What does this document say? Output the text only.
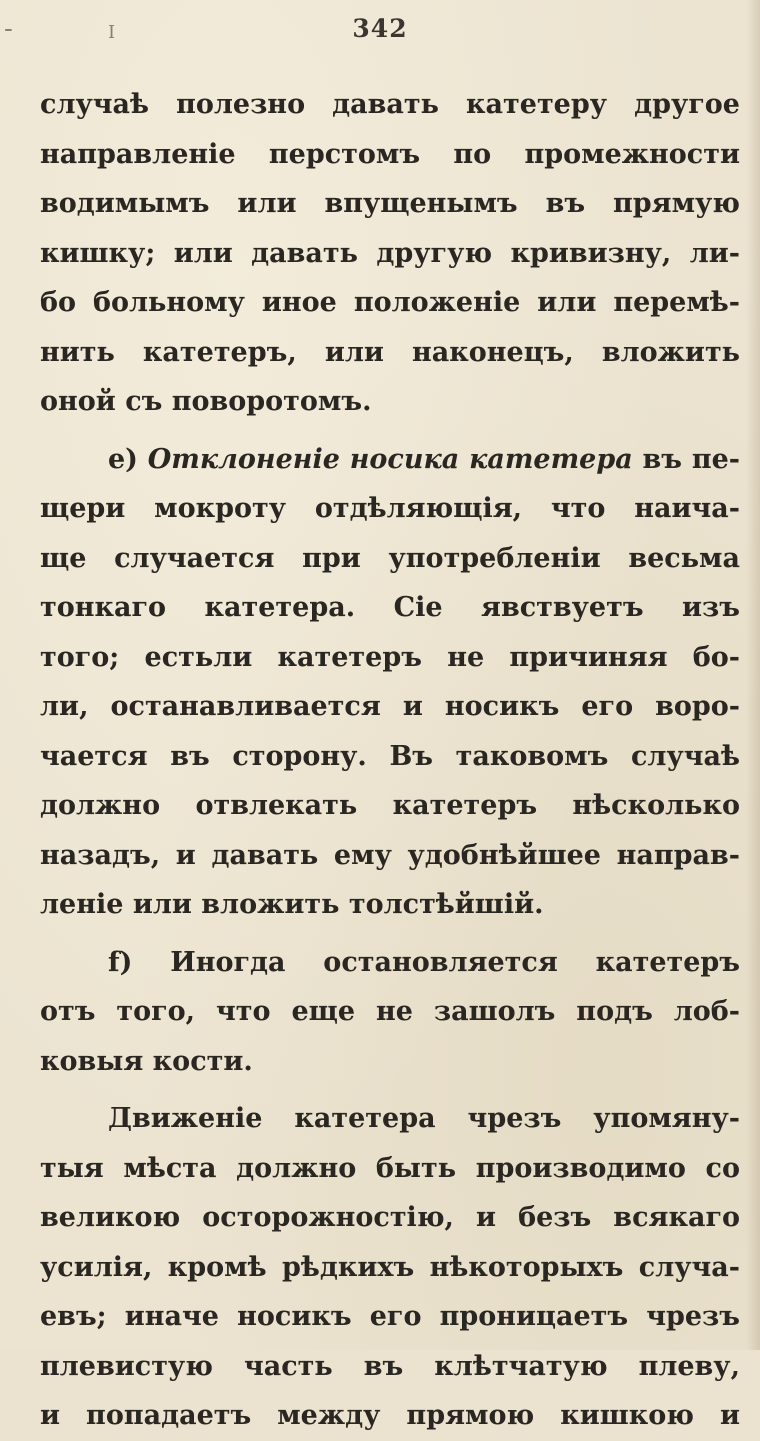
-	I	342
случаѣ полезно давать катетеру другое
направленіе перстомъ по промежности
водимымъ или впущенымъ въ прямую
кишку; или давать другую кривизну, ли-
бо больному иное положеніе или перемѣ-
нить катетеръ, или наконецъ, вложить
оной съ поворотомъ.
e) Отклоненіе носика катетера въ пе-
щери мокроту отдѣляющія, что наича-
ще случается при употребленіи весьма
тонкаго катетера. Сіе явствуетъ изъ
того; естьли катетеръ не причиняя бо-
ли, останавливается и носикъ его воро-
чается въ сторону. Въ таковомъ случаѣ
должно отвлекать катетеръ нѣсколько
назадъ, и давать ему удобнѣйшее направ-
леніе или вложить толстѣйшій.
f) Иногда остановляется катетеръ
отъ того, что еще не зашолъ подъ лоб-
ковыя кости.
Движеніе катетера чрезъ упомяну-
тыя мѣста должно быть производимо со
великою осторожностію, и безъ всякаго
усилія, кромѣ рѣдкихъ нѣкоторыхъ случа-
евъ; иначе носикъ его проницаетъ чрезъ
плевистую часть въ клѣтчатую плеву,
и попадаетъ между прямою кишкою и
